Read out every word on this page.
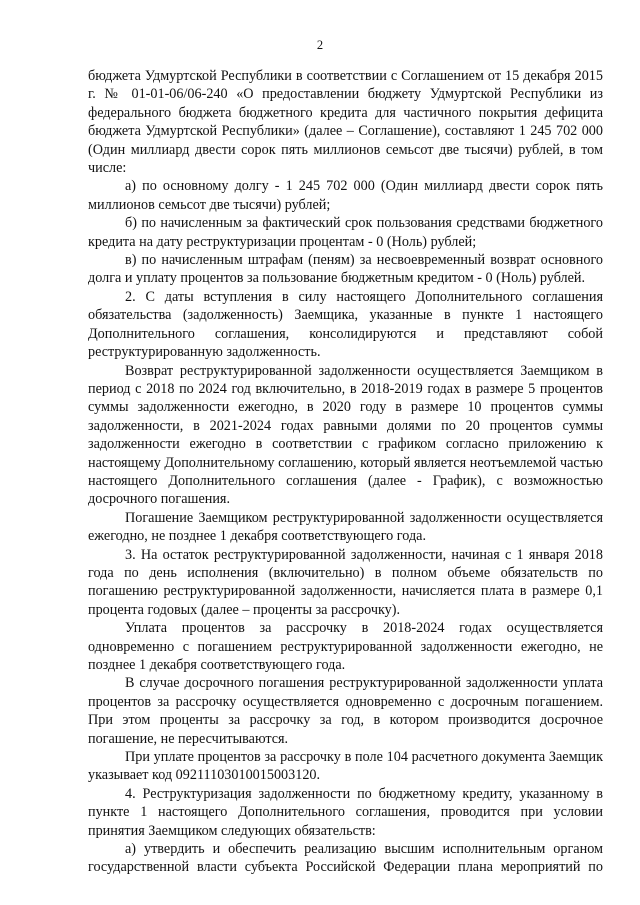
2

бюджета Удмуртской Республики в соответствии с Соглашением от 15 декабря 2015 г. № 01-01-06/06-240 «О предоставлении бюджету Удмуртской Республики из федерального бюджета бюджетного кредита для частичного покрытия дефицита бюджета Удмуртской Республики» (далее – Соглашение), составляют 1 245 702 000 (Один миллиард двести сорок пять миллионов семьсот две тысячи) рублей, в том числе:

а) по основному долгу - 1 245 702 000 (Один миллиард двести сорок пять миллионов семьсот две тысячи) рублей;

б) по начисленным за фактический срок пользования средствами бюджетного кредита на дату реструктуризации процентам - 0 (Ноль) рублей;

в) по начисленным штрафам (пеням) за несвоевременный возврат основного долга и уплату процентов за пользование бюджетным кредитом - 0 (Ноль) рублей.

2. С даты вступления в силу настоящего Дополнительного соглашения обязательства (задолженность) Заемщика, указанные в пункте 1 настоящего Дополнительного соглашения, консолидируются и представляют собой реструктурированную задолженность.

Возврат реструктурированной задолженности осуществляется Заемщиком в период с 2018 по 2024 год включительно, в 2018-2019 годах в размере 5 процентов суммы задолженности ежегодно, в 2020 году в размере 10 процентов суммы задолженности, в 2021-2024 годах равными долями по 20 процентов суммы задолженности ежегодно в соответствии с графиком согласно приложению к настоящему Дополнительному соглашению, который является неотъемлемой частью настоящего Дополнительного соглашения (далее - График), с возможностью досрочного погашения.

Погашение Заемщиком реструктурированной задолженности осуществляется ежегодно, не позднее 1 декабря соответствующего года.

3. На остаток реструктурированной задолженности, начиная с 1 января 2018 года по день исполнения (включительно) в полном объеме обязательств по погашению реструктурированной задолженности, начисляется плата в размере 0,1 процента годовых (далее – проценты за рассрочку).

Уплата процентов за рассрочку в 2018-2024 годах осуществляется одновременно с погашением реструктурированной задолженности ежегодно, не позднее 1 декабря соответствующего года.

В случае досрочного погашения реструктурированной задолженности уплата процентов за рассрочку осуществляется одновременно с досрочным погашением. При этом проценты за рассрочку за год, в котором производится досрочное погашение, не пересчитываются.

При уплате процентов за рассрочку в поле 104 расчетного документа Заемщик указывает код 09211103010015003120.

4. Реструктуризация задолженности по бюджетному кредиту, указанному в пункте 1 настоящего Дополнительного соглашения, проводится при условии принятия Заемщиком следующих обязательств:

а) утвердить и обеспечить реализацию высшим исполнительным органом государственной власти субъекта Российской Федерации плана мероприятий по
